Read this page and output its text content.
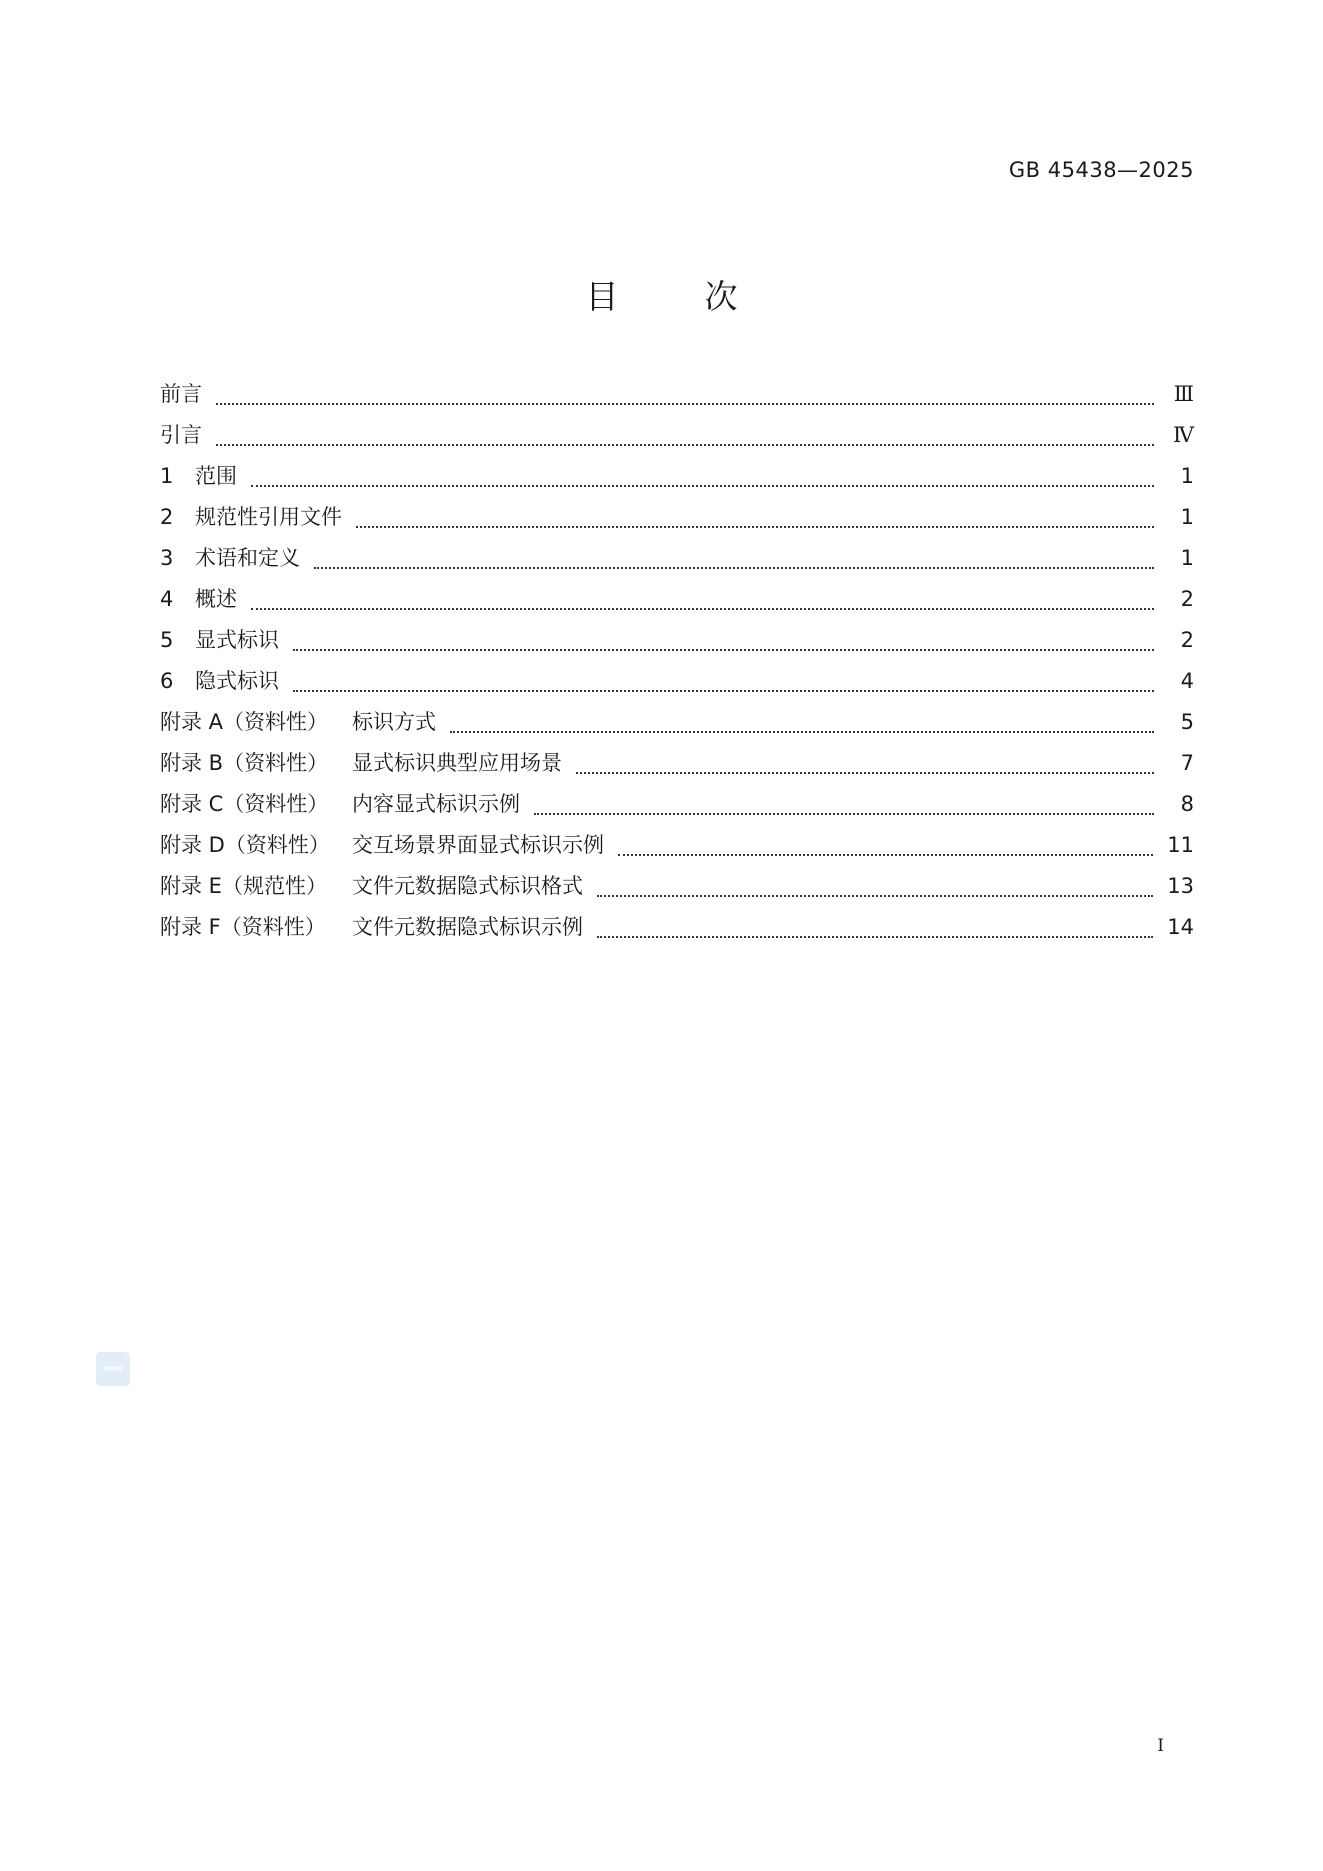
GB 45438—2025
目	次
前言	Ⅲ
引言	Ⅳ
1	范围	1
2	规范性引用文件	1
3	术语和定义	1
4	概述	2
5	显式标识	2
6	隐式标识	4
附录 A（资料性）	标识方式	5
附录 B（资料性）	显式标识典型应用场景	7
附录 C（资料性）	内容显式标识示例	8
附录 D（资料性）	交互场景界面显式标识示例	11
附录 E（规范性）	文件元数据隐式标识格式	13
附录 F（资料性）	文件元数据隐式标识示例	14
I
